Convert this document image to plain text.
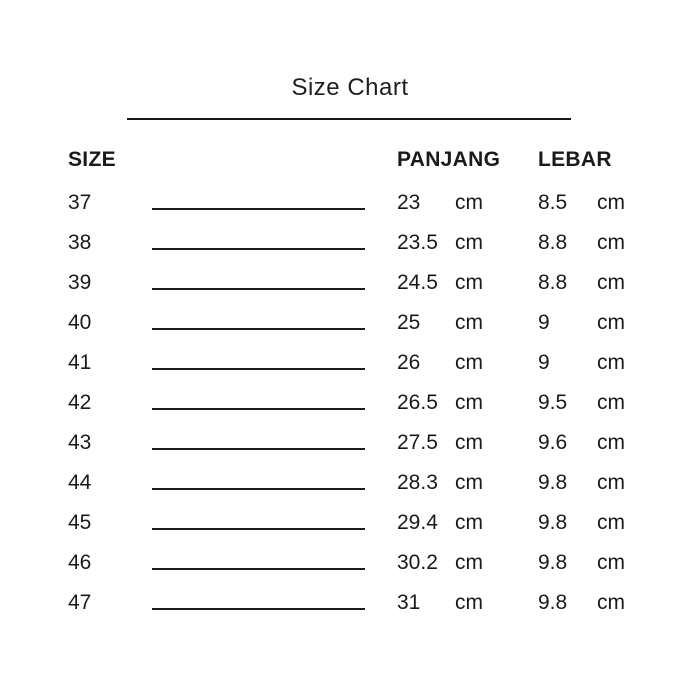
Size Chart
SIZE	PANJANG	LEBAR
37	23	cm	8.5	cm
38	23.5 cm	8.8	cm
39	24.5 cm	8.8	cm
40	25	cm	9	cm
41	26	cm	9	cm
42	26.5 cm	9.5	cm
43	27.5 cm	9.6	cm
44	28.3 cm	9.8	cm
45	29.4 cm	9.8	cm
46	30.2 cm	9.8	cm
47	31	cm	9.8	cm
